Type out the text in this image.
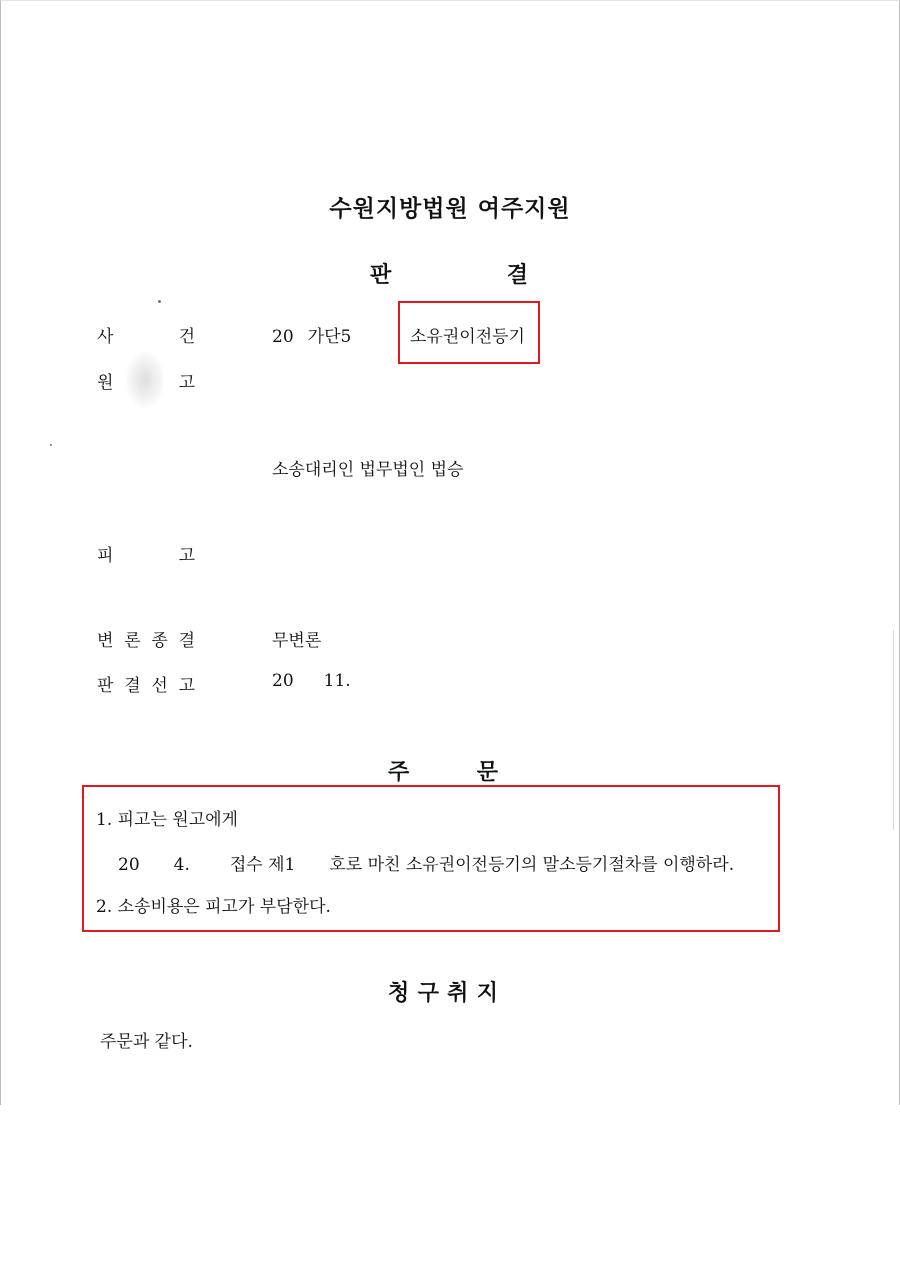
수원지방법원 여주지원
판	결
사	건	20 가단5	소유권이전등기
원	고
소송대리인 법무법인 법승
피	고
변 론 종 결	무변론
판 결 선 고	20 11.
주	문
1. 피고는 원고에게
20 4. 접수 제1 호로 마친 소유권이전등기의 말소등기절차를 이행하라.
2. 소송비용은 피고가 부담한다.
청 구 취 지
주문과 같다.
